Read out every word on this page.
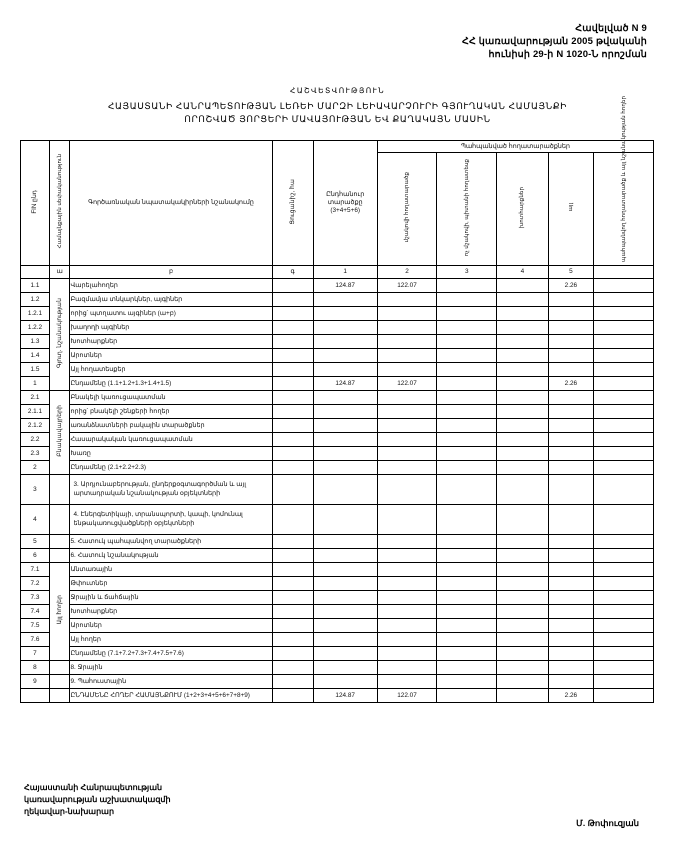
Հավելված N 9
ՀՀ կառավարության 2005 թվականի
հունիսի 29-ի N 1020-Ն որոշման
ՀԱՇՎԵՏՎՈՒԹՅՈՒՆ
ՀԱՅԱՍՏԱՆԻ ՀԱՆՐԱՊԵՏՈՒԹՅԱՆ ԼԵՌԵԻ ՄԱՐԶԻ ԼԵԻԱՎԱՐՉՈՒՐԻ ԳՅՈՒՂԱԿԱՆ ՀԱՄԱՅՆՔԻ
ՈՐՈՇՎԱԾ ՅՈՐՑԵՐԻ ՄԱՎԱՅՈՒԹՅԱՆ ԵՎ ՔԱՂԱԿԱՅՆ ՄԱՍԻՆ
FIN ընդ	Համայնքային սեփականություն	Գործառնական նպատակակիրների նշանակումը	Ցուցանիշ, հա	Ընդհանուր տարածքը (3+4+5+6)	Պահպանված հողատարածքներ				
					մշակովի հողատարածք	ոչ մշակովի, պիտանի հողատեսք	խոտհարքներ	այլ	պահպանվող հողատարածք և այլ նշանակության հողեր
	ա	բ	գ	1	2	3	4	5	
1.1	Գյուղ. նշանակության	Վարելահողեր		124.87	122.07			2.26	
1.2		Բազմամյա տնկարկներ, այգիներ							
1.2.1		որից՝ պտղատու այգիներ (ա+բ)							
1.2.2		խաղողի այգիներ							
1.3		Խոտհարքներ							
1.4		Արոտներ							
1.5		Այլ հողատեսքեր							
1		Ընդամենը (1.1+1.2+1.3+1.4+1.5)		124.87	122.07			2.26	
2.1	Բնակավայրերի	Բնակելի կառուցապատման							
2.1.1		որից՝ բնակելի շենքերի հողեր							
2.1.2		առանձնատների բակային տարածքներ							
2.2		Հասարակական կառուցապատման							
2.3		Խառը							
2		Ընդամենը (2.1+2.2+2.3)							
3		3. Արդյունաբերության, ընդերքօգտագործման և այլ արտադրական նշանակության օբյեկտների							
4		4. Էներգետիկայի, տրանսպորտի, կապի, կոմունալ ենթակառուցվածքների օբյեկտների							
5		5. Հատուկ պահպանվող տարածքների							
6		6. Հատուկ նշանակության							
7.1	Այլ հողեր	Անտառային							
7.2		Թփուտներ							
7.3		Ջրային և ճահճային							
7.4		Խոտհարքներ							
7.5		Արոտներ							
7.6		Այլ հողեր							
7		Ընդամենը (7.1+7.2+7.3+7.4+7.5+7.6)							
8		8. Ջրային							
9		9. Պահուստային							
		ԸՆԴԱՄԵՆԸ ՀՈՂԵՐ ՀԱՄԱՅՆՔՈՒՄ (1+2+3+4+5+6+7+8+9)		124.87	122.07			2.26	
Հայաստանի Հանրապետության
կառավարության աշխատակազմի
ղեկավար-նախարար
Մ. Թոփուզյան
